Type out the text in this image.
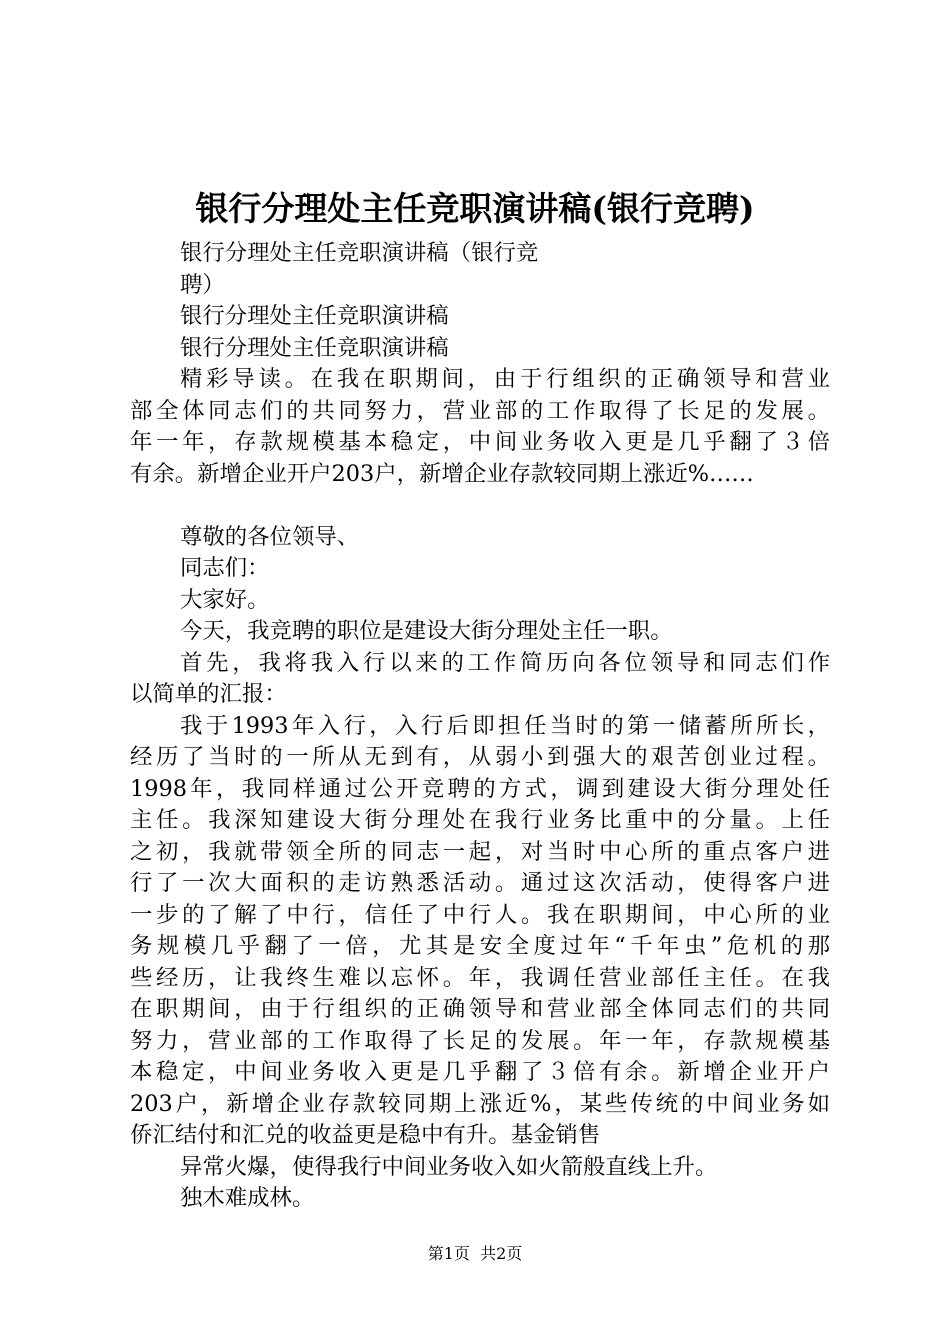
银行分理处主任竞职演讲稿(银行竞聘)
银行分理处主任竞职演讲稿（银行竞
聘）
银行分理处主任竞职演讲稿
银行分理处主任竞职演讲稿
精彩导读。在我在职期间，由于行组织的正确领导和营业
部全体同志们的共同努力，营业部的工作取得了长足的发展。
年一年，存款规模基本稳定，中间业务收入更是几乎翻了３倍
有余。新增企业开户203户，新增企业存款较同期上涨近%……
尊敬的各位领导、
同志们：
大家好。
今天，我竞聘的职位是建设大街分理处主任一职。
首先，我将我入行以来的工作简历向各位领导和同志们作
以简单的汇报：
我于1993年入行，入行后即担任当时的第一储蓄所所长，
经历了当时的一所从无到有，从弱小到强大的艰苦创业过程。
1998年，我同样通过公开竞聘的方式，调到建设大街分理处任
主任。我深知建设大街分理处在我行业务比重中的分量。上任
之初，我就带领全所的同志一起，对当时中心所的重点客户进
行了一次大面积的走访熟悉活动。通过这次活动，使得客户进
一步的了解了中行，信任了中行人。我在职期间，中心所的业
务规模几乎翻了一倍，尤其是安全度过年“千年虫”危机的那
些经历，让我终生难以忘怀。年，我调任营业部任主任。在我
在职期间，由于行组织的正确领导和营业部全体同志们的共同
努力，营业部的工作取得了长足的发展。年一年，存款规模基
本稳定，中间业务收入更是几乎翻了３倍有余。新增企业开户
203户，新增企业存款较同期上涨近%，某些传统的中间业务如
侨汇结付和汇兑的收益更是稳中有升。基金销售
异常火爆，使得我行中间业务收入如火箭般直线上升。
独木难成林。
第1页  共2页
